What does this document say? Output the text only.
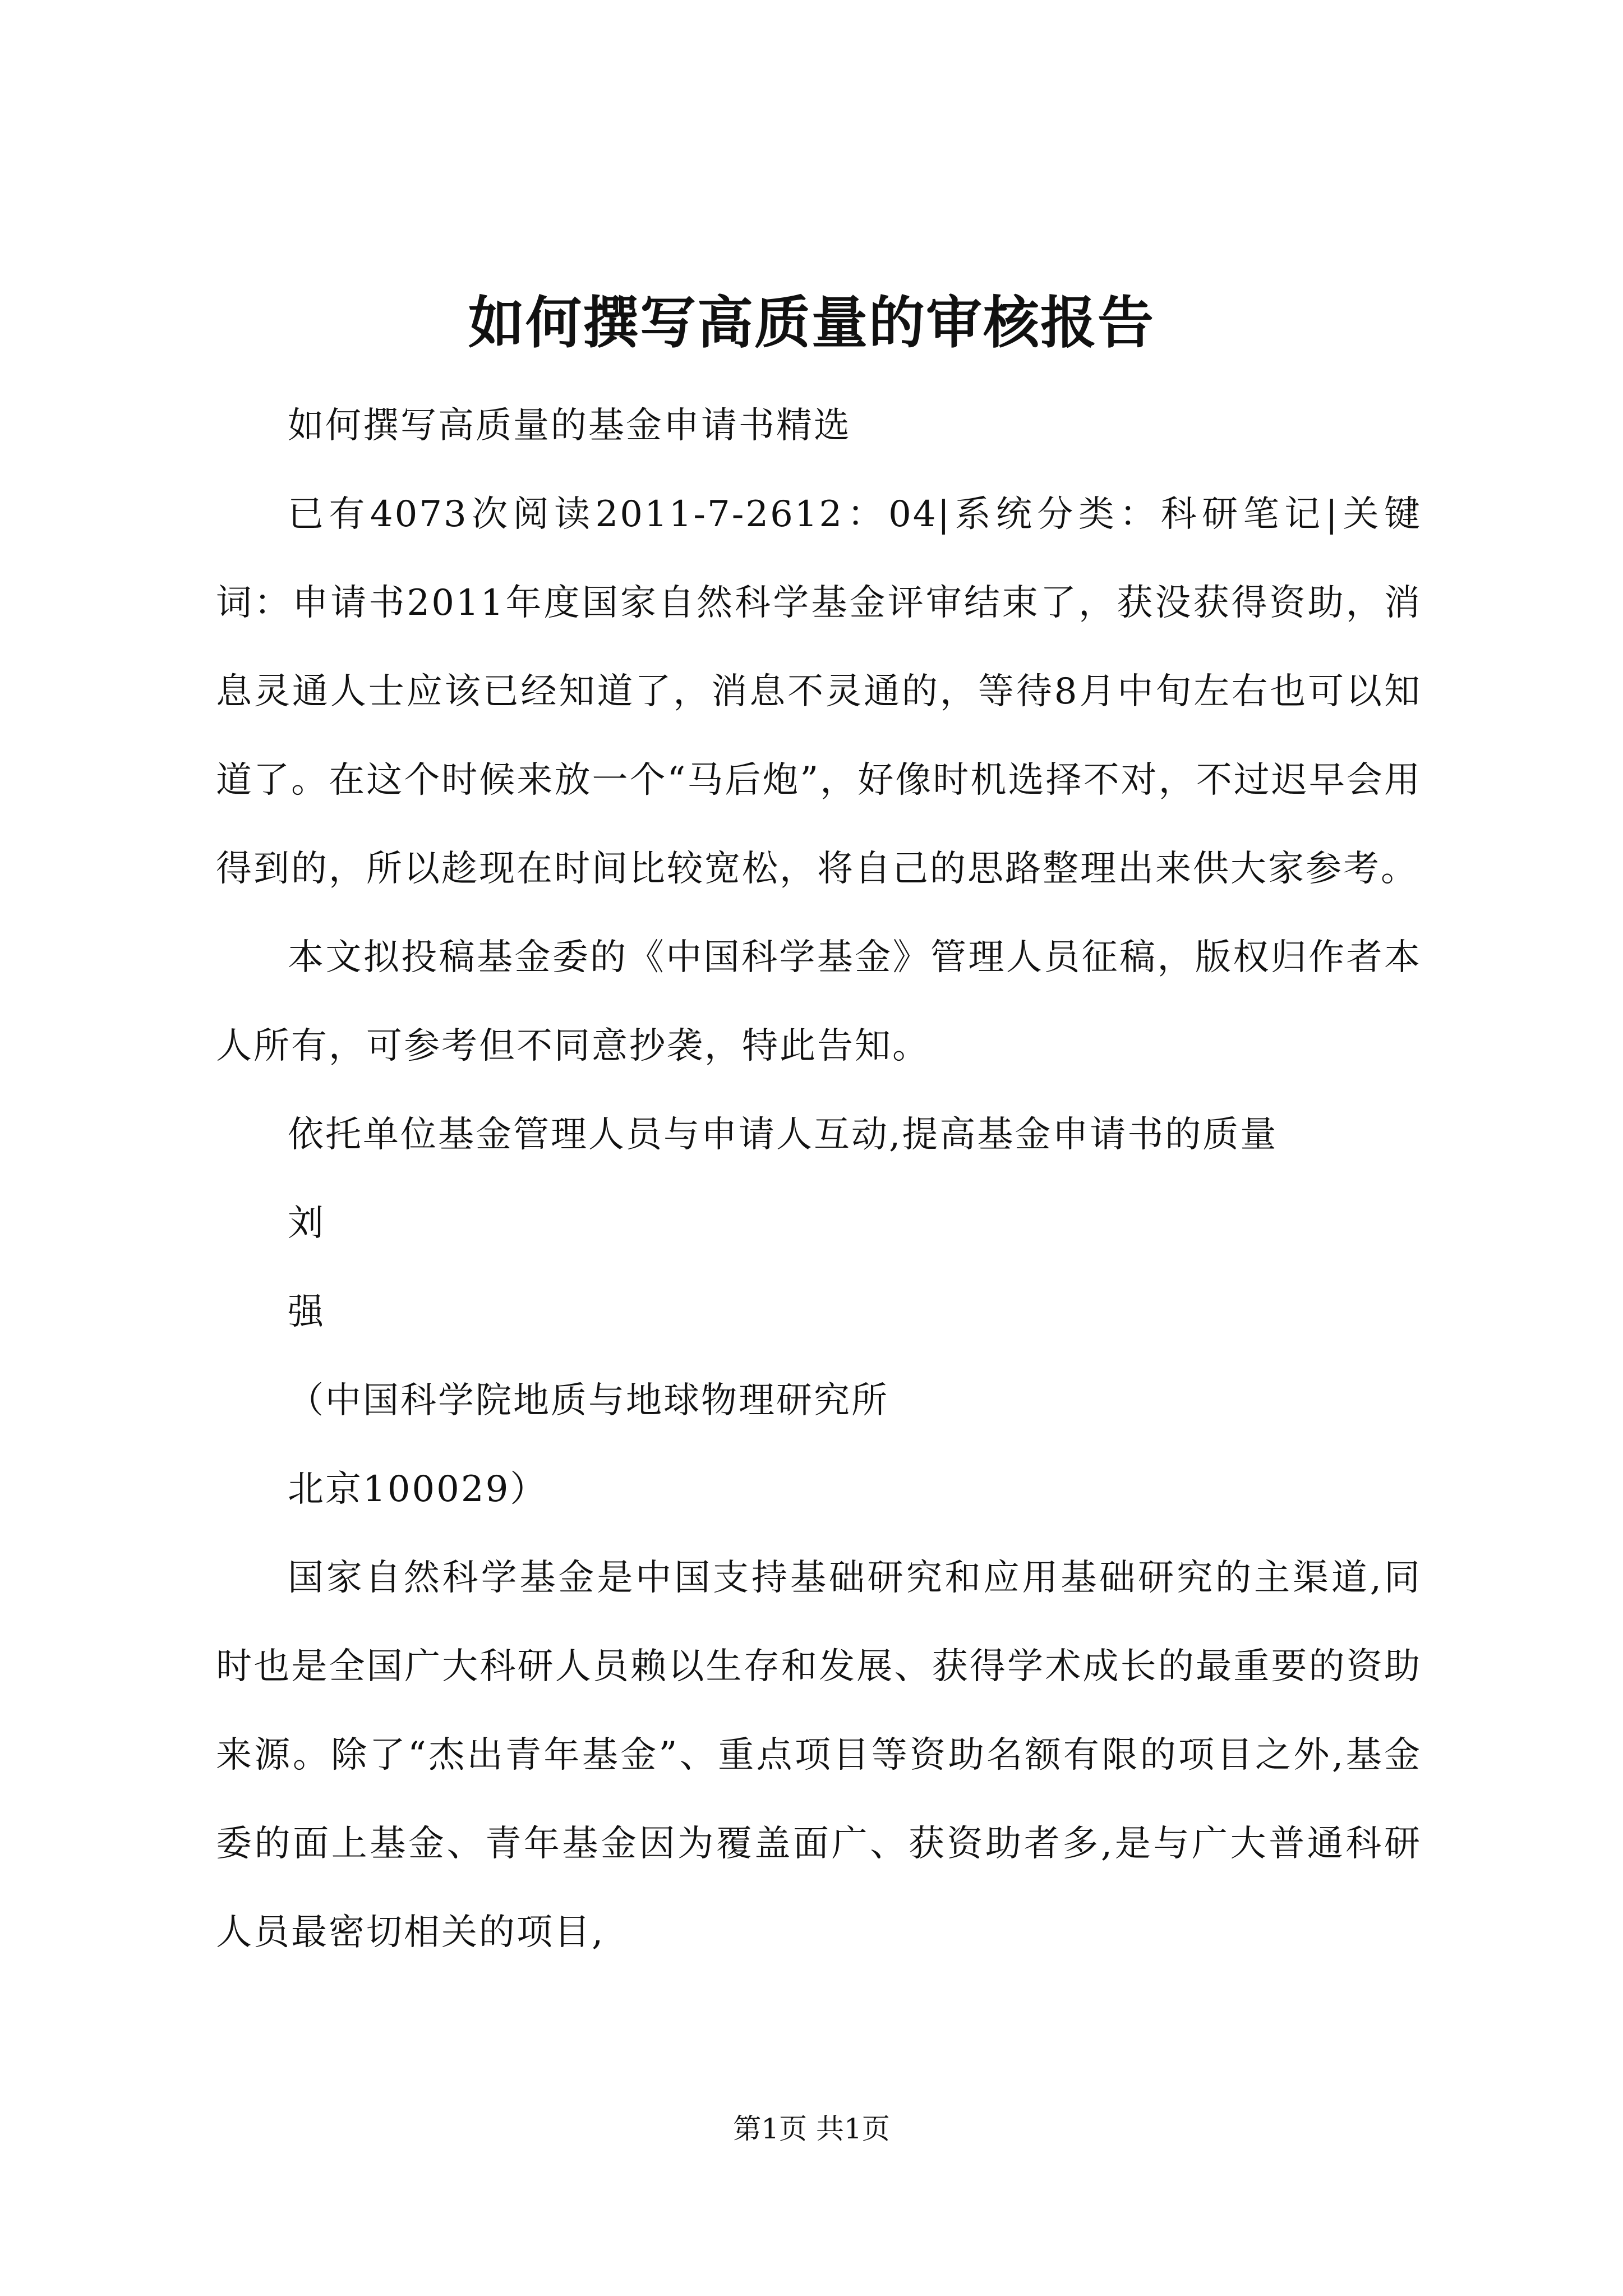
如何撰写高质量的审核报告

如何撰写高质量的基金申请书精选

已有4073次阅读2011-7-2612：04|系统分类：科研笔记|关键词：申请书2011年度国家自然科学基金评审结束了，获没获得资助，消息灵通人士应该已经知道了，消息不灵通的，等待8月中旬左右也可以知道了。在这个时候来放一个“马后炮”，好像时机选择不对，不过迟早会用得到的，所以趁现在时间比较宽松，将自己的思路整理出来供大家参考。

本文拟投稿基金委的《中国科学基金》管理人员征稿，版权归作者本人所有，可参考但不同意抄袭，特此告知。

依托单位基金管理人员与申请人互动,提高基金申请书的质量

刘

强

（中国科学院地质与地球物理研究所

北京100029）

国家自然科学基金是中国支持基础研究和应用基础研究的主渠道,同时也是全国广大科研人员赖以生存和发展、获得学术成长的最重要的资助来源。除了“杰出青年基金”、重点项目等资助名额有限的项目之外,基金委的面上基金、青年基金因为覆盖面广、获资助者多,是与广大普通科研人员最密切相关的项目,

第1页 共1页
